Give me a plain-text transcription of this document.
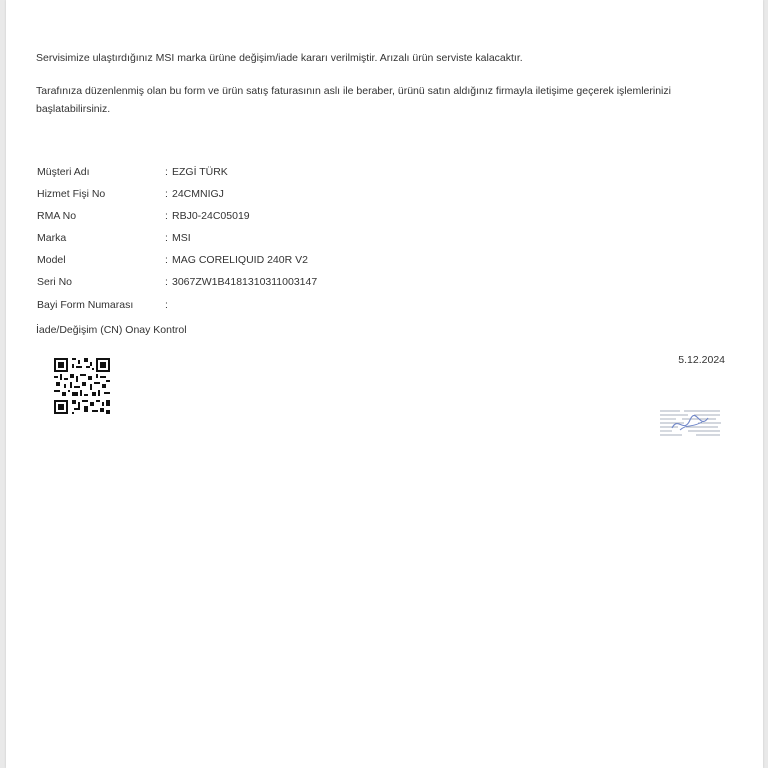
Servisimize ulaştırdığınız MSI marka ürüne değişim/iade kararı verilmiştir. Arızalı ürün serviste kalacaktır.
Tarafınıza düzenlenmiş olan bu form ve ürün satış faturasının aslı ile beraber, ürünü satın aldığınız firmayla iletişime geçerek işlemlerinizi başlatabilirsiniz.
Müşteri Adı	: EZGİ TÜRK
Hizmet Fişi No	: 24CMNIGJ
RMA No	: RBJ0-24C05019
Marka	: MSI
Model	: MAG CORELIQUID 240R V2
Seri No	: 3067ZW1B4181310311003147
Bayi Form Numarası	:
İade/Değişim (CN) Onay Kontrol
5.12.2024
